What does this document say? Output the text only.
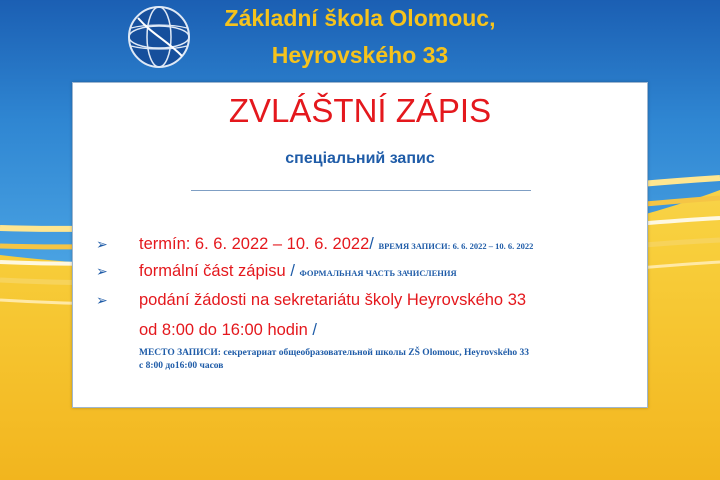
Základní škola Olomouc,
Heyrovského 33
ZVLÁŠTNÍ ZÁPIS
спеціальний запис
➢ termín: 6. 6. 2022 – 10. 6. 2022/ ВРЕМЯ ЗАПИСИ: 6. 6. 2022 – 10. 6. 2022
➢ formální část zápisu / ФОРМАЛЬНАЯ ЧАСТЬ ЗАЧИСЛЕНИЯ
➢ podání žádosti na sekretariátu školy Heyrovského 33
od 8:00 do 16:00 hodin /
МЕСТО ЗАПИСИ: секретариат общеобразовательной школы ZŠ Olomouc, Heyrovského 33
с 8:00 до16:00 часов
